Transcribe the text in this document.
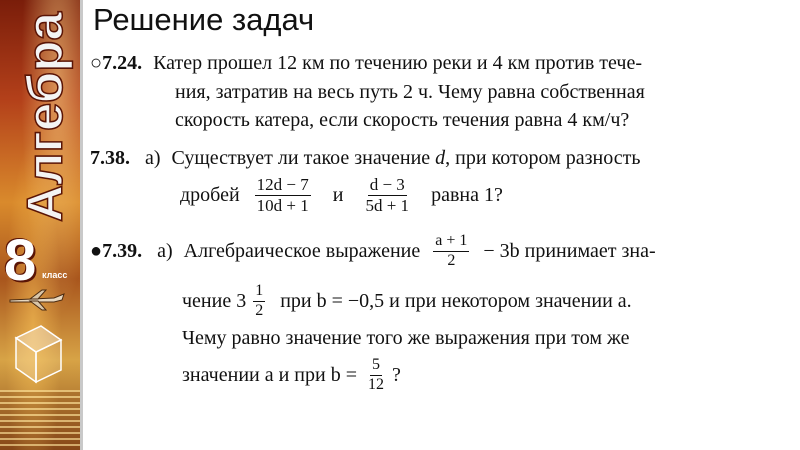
Алгебра
8 класс
Решение задач
○7.24. Катер прошел 12 км по течению реки и 4 км против тече-
ния, затратив на весь путь 2 ч. Чему равна собственная
скорость катера, если скорость течения равна 4 км/ч?
7.38. а) Существует ли такое значение d, при котором разность
дробей $\frac{12d - 7}{10d + 1}$ и $\frac{d - 3}{5d + 1}$ равна 1?
●7.39. а) Алгебраическое выражение $\frac{a + 1}{2} - 3b$ принимает зна-
чение $3 \frac{1}{2}$ при b = −0,5 и при некотором значении a.
Чему равно значение того же выражения при том же
значении a и при $b = \frac{5}{12}$ ?
